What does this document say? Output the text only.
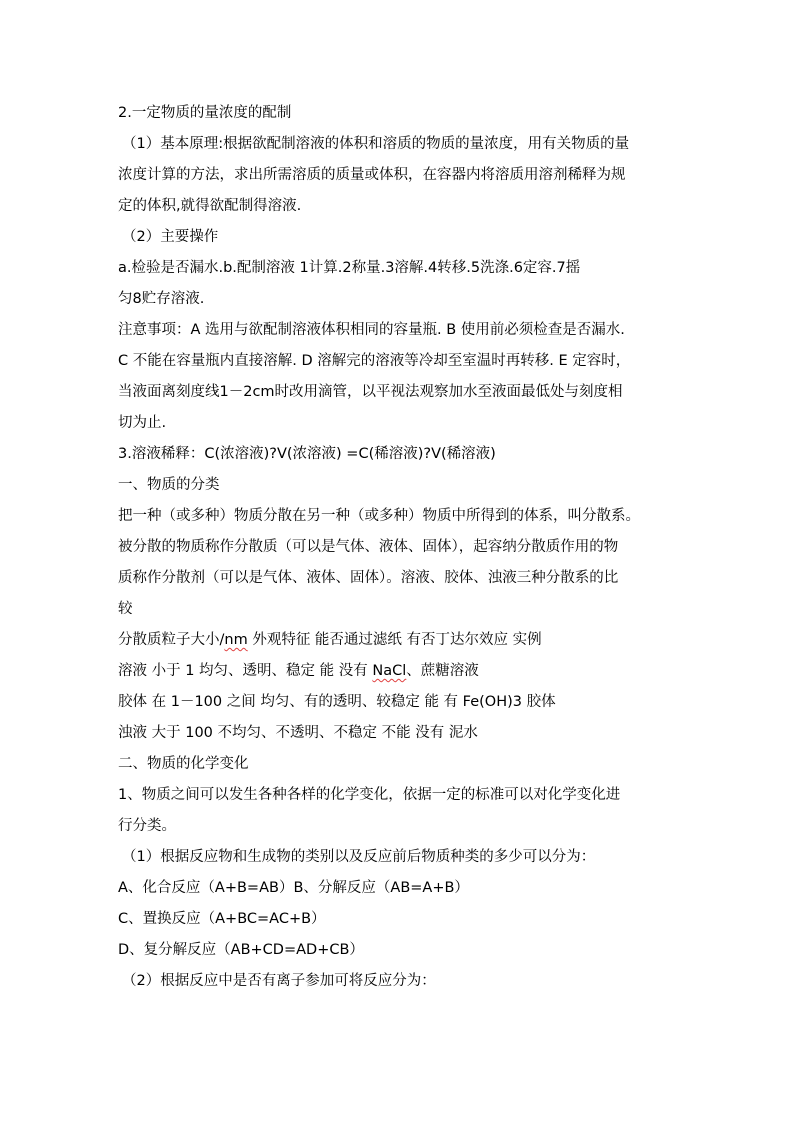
2.一定物质的量浓度的配制
（1）基本原理:根据欲配制溶液的体积和溶质的物质的量浓度，用有关物质的量
浓度计算的方法，求出所需溶质的质量或体积，在容器内将溶质用溶剂稀释为规
定的体积,就得欲配制得溶液.
（2）主要操作
a.检验是否漏水.b.配制溶液 1计算.2称量.3溶解.4转移.5洗涤.6定容.7摇
匀8贮存溶液.
注意事项：A 选用与欲配制溶液体积相同的容量瓶. B 使用前必须检查是否漏水.
C 不能在容量瓶内直接溶解. D 溶解完的溶液等冷却至室温时再转移. E 定容时，
当液面离刻度线1－2cm时改用滴管，以平视法观察加水至液面最低处与刻度相
切为止.
3.溶液稀释：C(浓溶液)?V(浓溶液) =C(稀溶液)?V(稀溶液)
一、物质的分类
把一种（或多种）物质分散在另一种（或多种）物质中所得到的体系，叫分散系。
被分散的物质称作分散质（可以是气体、液体、固体），起容纳分散质作用的物
质称作分散剂（可以是气体、液体、固体）。溶液、胶体、浊液三种分散系的比
较
分散质粒子大小/nm 外观特征 能否通过滤纸 有否丁达尔效应 实例
溶液 小于 1 均匀、透明、稳定 能 没有 NaCl、蔗糖溶液
胶体 在 1－100 之间 均匀、有的透明、较稳定 能 有 Fe(OH)3 胶体
浊液 大于 100 不均匀、不透明、不稳定 不能 没有 泥水
二、物质的化学变化
1、物质之间可以发生各种各样的化学变化，依据一定的标准可以对化学变化进
行分类。
（1）根据反应物和生成物的类别以及反应前后物质种类的多少可以分为：
A、化合反应（A+B=AB）B、分解反应（AB=A+B）
C、置换反应（A+BC=AC+B）
D、复分解反应（AB+CD=AD+CB）
（2）根据反应中是否有离子参加可将反应分为：
